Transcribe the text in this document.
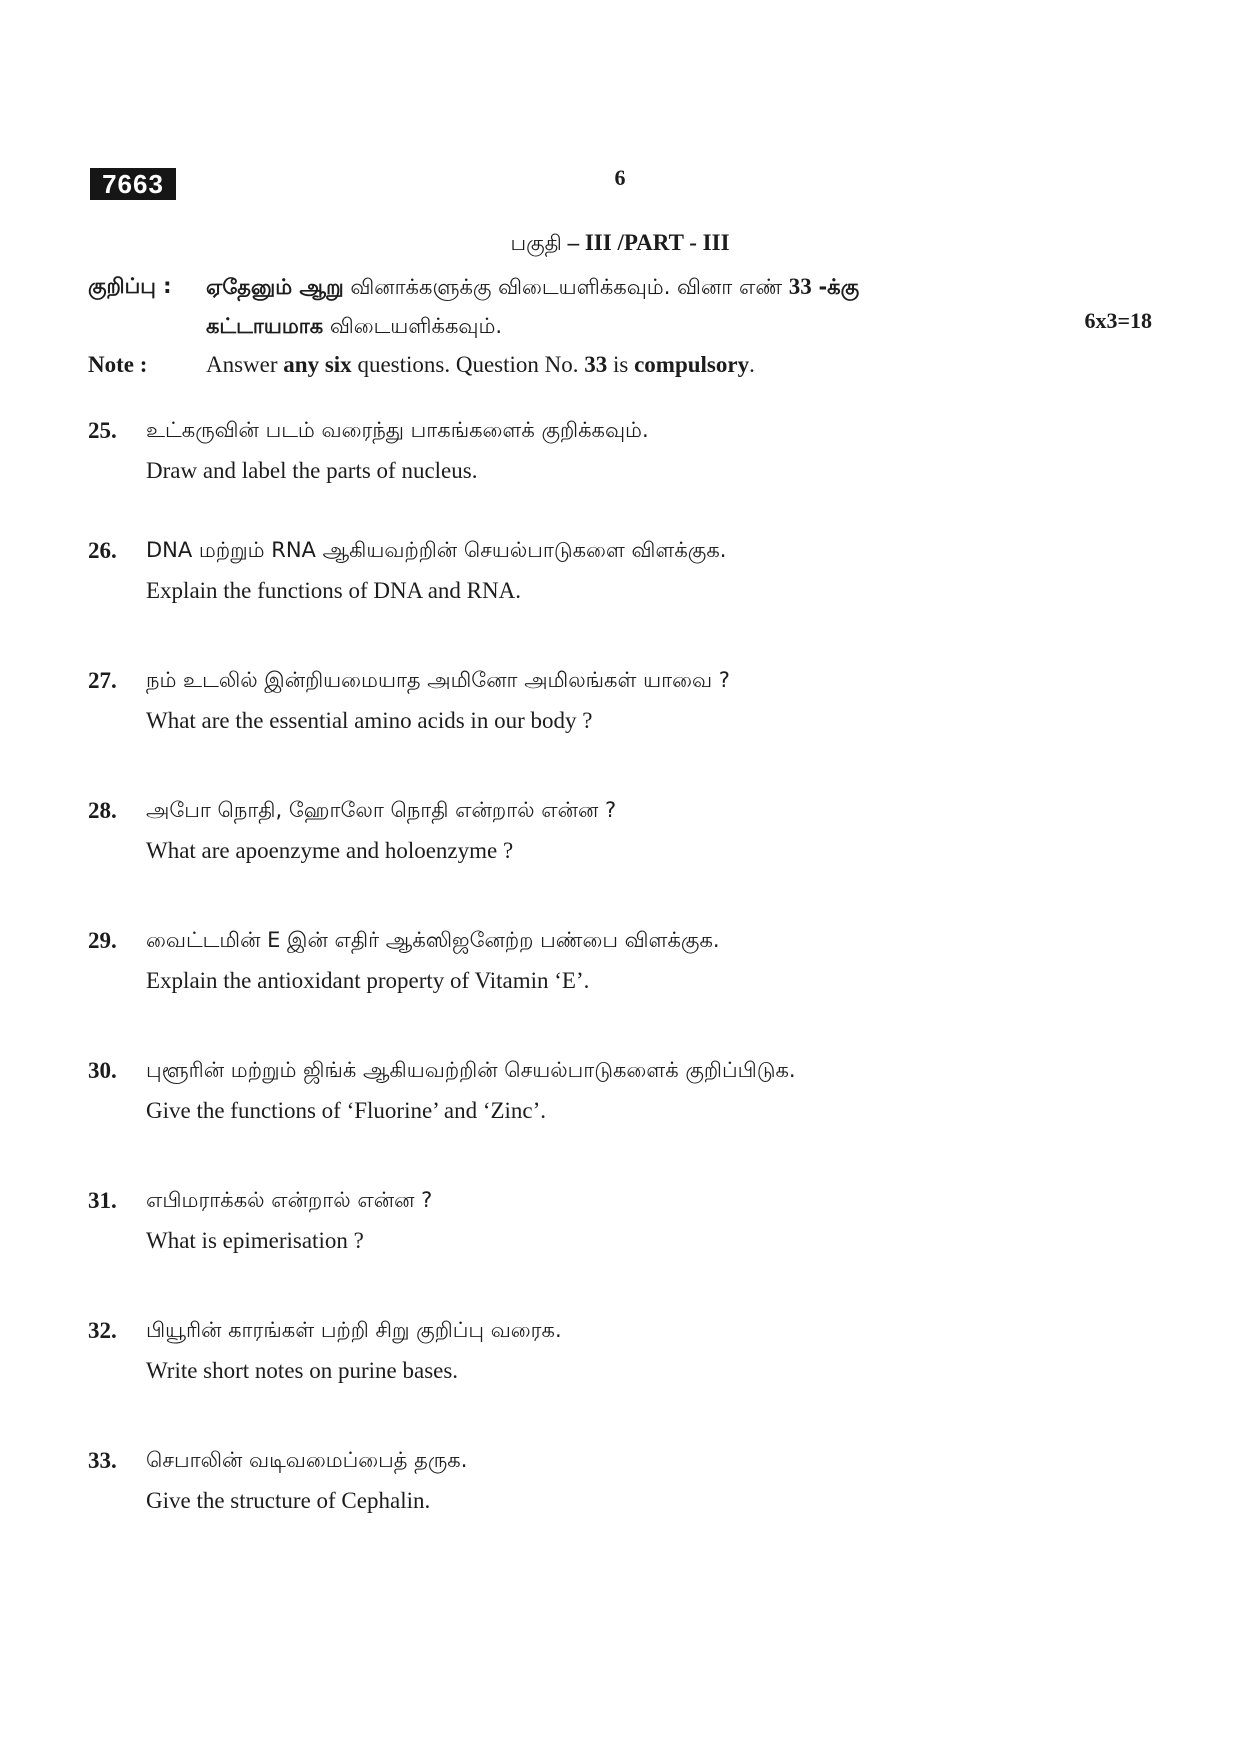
7663	6
பகுதி – III /PART - III
குறிப்பு : ஏதேனும் ஆறு வினாக்களுக்கு விடையளிக்கவும். வினா எண் 33 -க்கு
கட்டாயமாக விடையளிக்கவும்.	6x3=18
Note :	Answer any six questions. Question No. 33 is compulsory.
25. உட்கருவின் படம் வரைந்து பாகங்களைக் குறிக்கவும்.
Draw and label the parts of nucleus.
26. DNA மற்றும் RNA ஆகியவற்றின் செயல்பாடுகளை விளக்குக.
Explain the functions of DNA and RNA.
27. நம் உடலில் இன்றியமையாத அமினோ அமிலங்கள் யாவை ?
What are the essential amino acids in our body ?
28. அபோ நொதி, ஹோலோ நொதி என்றால் என்ன ?
What are apoenzyme and holoenzyme ?
29. வைட்டமின் E இன் எதிர் ஆக்ஸிஜனேற்ற பண்பை விளக்குக.
Explain the antioxidant property of Vitamin ‘E’.
30. புளூரின் மற்றும் ஜிங்க் ஆகியவற்றின் செயல்பாடுகளைக் குறிப்பிடுக.
Give the functions of ‘Fluorine’ and ‘Zinc’.
31. எபிமராக்கல் என்றால் என்ன ?
What is epimerisation ?
32. பியூரின் காரங்கள் பற்றி சிறு குறிப்பு வரைக.
Write short notes on purine bases.
33. செபாலின் வடிவமைப்பைத் தருக.
Give the structure of Cephalin.
